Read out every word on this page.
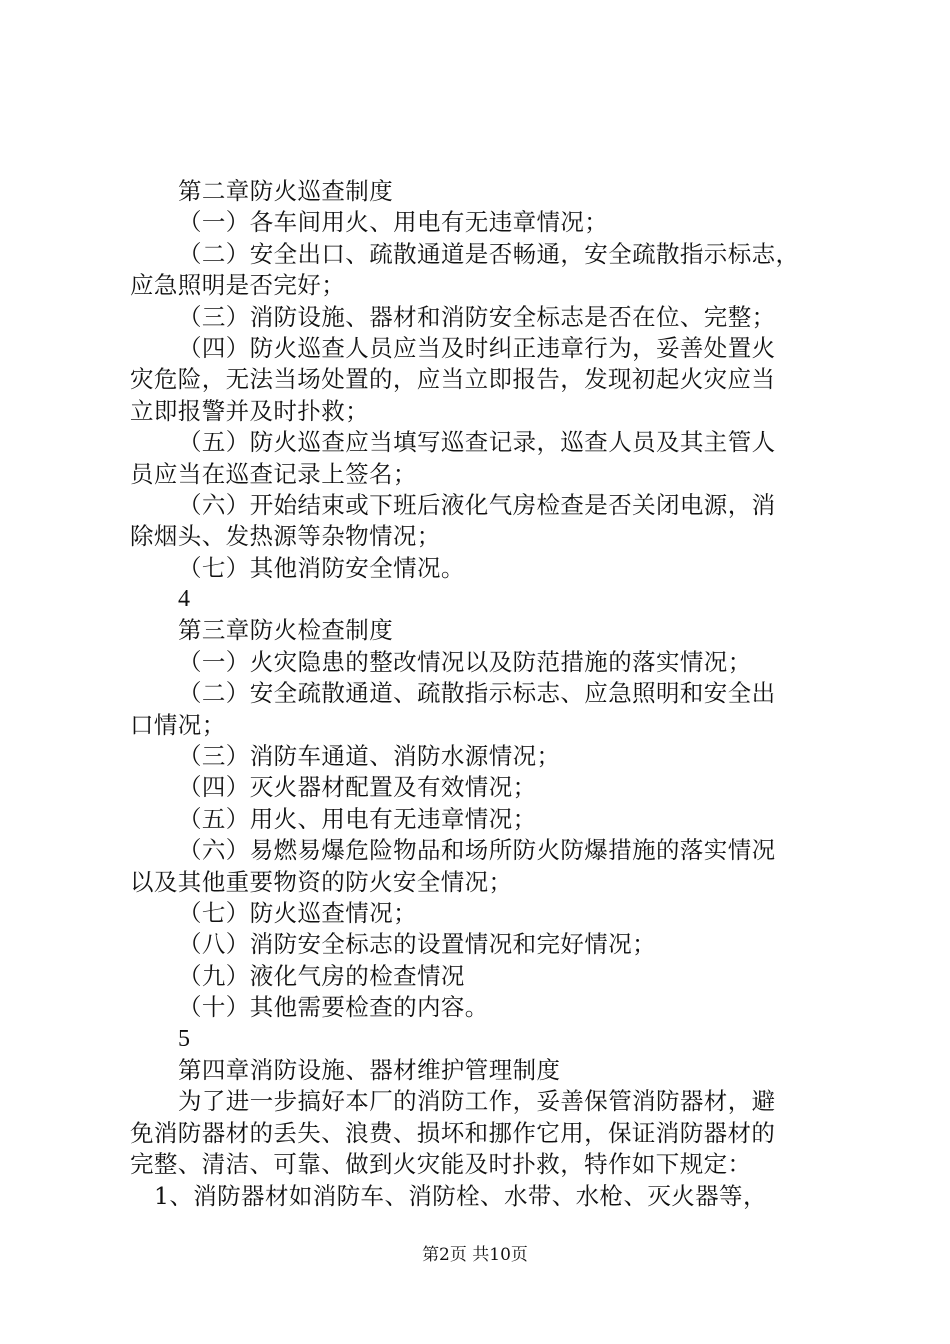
第二章防火巡查制度
（一）各车间用火、用电有无违章情况；
（二）安全出口、疏散通道是否畅通，安全疏散指示标志，
应急照明是否完好；
（三）消防设施、器材和消防安全标志是否在位、完整；
（四）防火巡查人员应当及时纠正违章行为，妥善处置火
灾危险，无法当场处置的，应当立即报告，发现初起火灾应当
立即报警并及时扑救；
（五）防火巡查应当填写巡查记录，巡查人员及其主管人
员应当在巡查记录上签名；
（六）开始结束或下班后液化气房检查是否关闭电源，消
除烟头、发热源等杂物情况；
（七）其他消防安全情况。
4
第三章防火检查制度
（一）火灾隐患的整改情况以及防范措施的落实情况；
（二）安全疏散通道、疏散指示标志、应急照明和安全出
口情况；
（三）消防车通道、消防水源情况；
（四）灭火器材配置及有效情况；
（五）用火、用电有无违章情况；
（六）易燃易爆危险物品和场所防火防爆措施的落实情况
以及其他重要物资的防火安全情况；
（七）防火巡查情况；
（八）消防安全标志的设置情况和完好情况；
（九）液化气房的检查情况
（十）其他需要检查的内容。
5
第四章消防设施、器材维护管理制度
为了进一步搞好本厂的消防工作，妥善保管消防器材，避
免消防器材的丢失、浪费、损坏和挪作它用，保证消防器材的
完整、清洁、可靠、做到火灾能及时扑救，特作如下规定：
1、消防器材如消防车、消防栓、水带、水枪、灭火器等，
第2页 共10页
